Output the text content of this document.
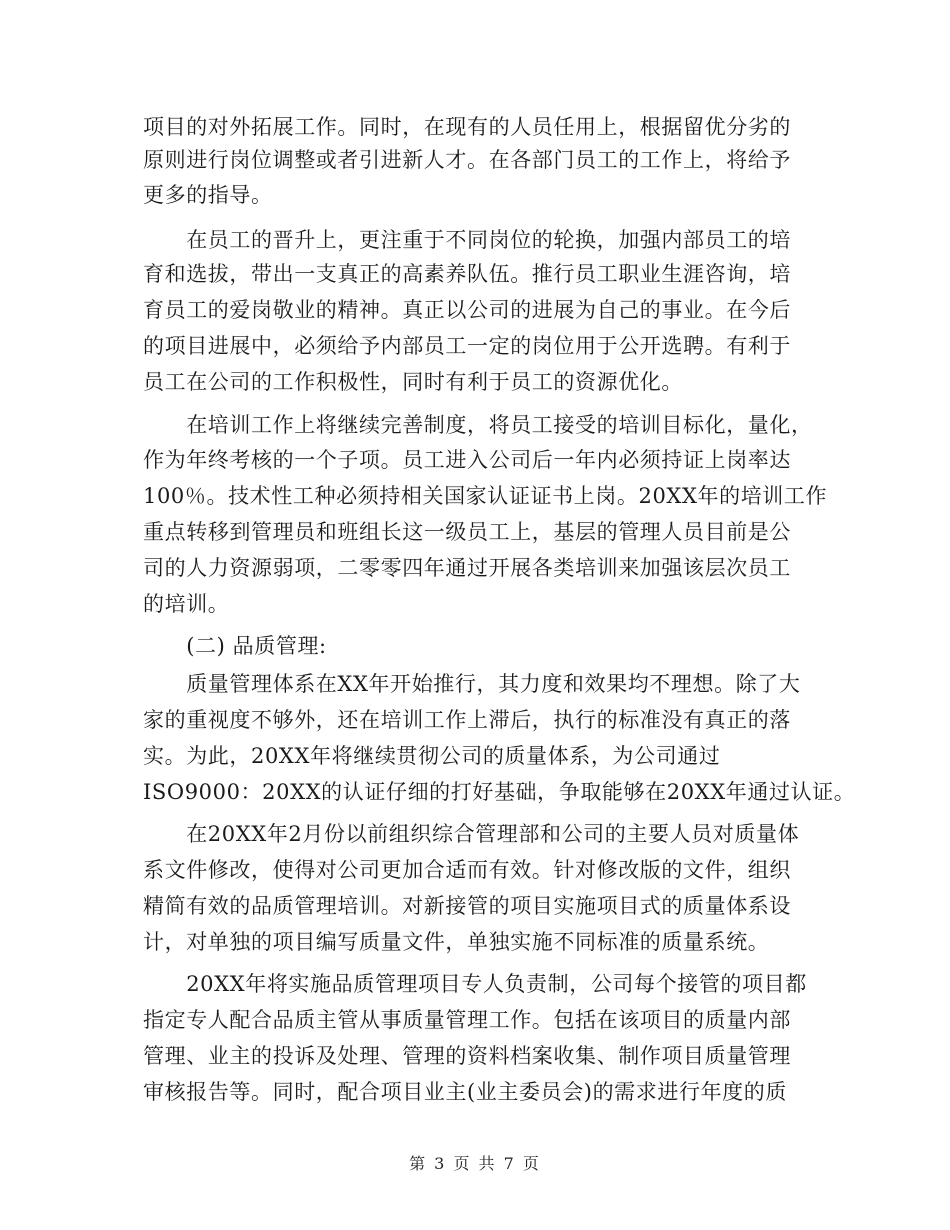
项目的对外拓展工作。同时，在现有的人员任用上，根据留优分劣的
原则进行岗位调整或者引进新人才。在各部门员工的工作上，将给予
更多的指导。
　　在员工的晋升上，更注重于不同岗位的轮换，加强内部员工的培
育和选拔，带出一支真正的高素养队伍。推行员工职业生涯咨询，培
育员工的爱岗敬业的精神。真正以公司的进展为自己的事业。在今后
的项目进展中，必须给予内部员工一定的岗位用于公开选聘。有利于
员工在公司的工作积极性，同时有利于员工的资源优化。
　　在培训工作上将继续完善制度，将员工接受的培训目标化，量化，
作为年终考核的一个子项。员工进入公司后一年内必须持证上岗率达
100％。技术性工种必须持相关国家认证证书上岗。20XX年的培训工作
重点转移到管理员和班组长这一级员工上，基层的管理人员目前是公
司的人力资源弱项，二零零四年通过开展各类培训来加强该层次员工
的培训。
　　(二) 品质管理:
　　质量管理体系在XX年开始推行，其力度和效果均不理想。除了大
家的重视度不够外，还在培训工作上滞后，执行的标准没有真正的落
实。为此，20XX年将继续贯彻公司的质量体系，为公司通过
ISO9000：20XX的认证仔细的打好基础，争取能够在20XX年通过认证。
　　在20XX年2月份以前组织综合管理部和公司的主要人员对质量体
系文件修改，使得对公司更加合适而有效。针对修改版的文件，组织
精简有效的品质管理培训。对新接管的项目实施项目式的质量体系设
计，对单独的项目编写质量文件，单独实施不同标准的质量系统。
　　20XX年将实施品质管理项目专人负责制，公司每个接管的项目都
指定专人配合品质主管从事质量管理工作。包括在该项目的质量内部
管理、业主的投诉及处理、管理的资料档案收集、制作项目质量管理
审核报告等。同时，配合项目业主(业主委员会)的需求进行年度的质
第 3 页 共 7 页
